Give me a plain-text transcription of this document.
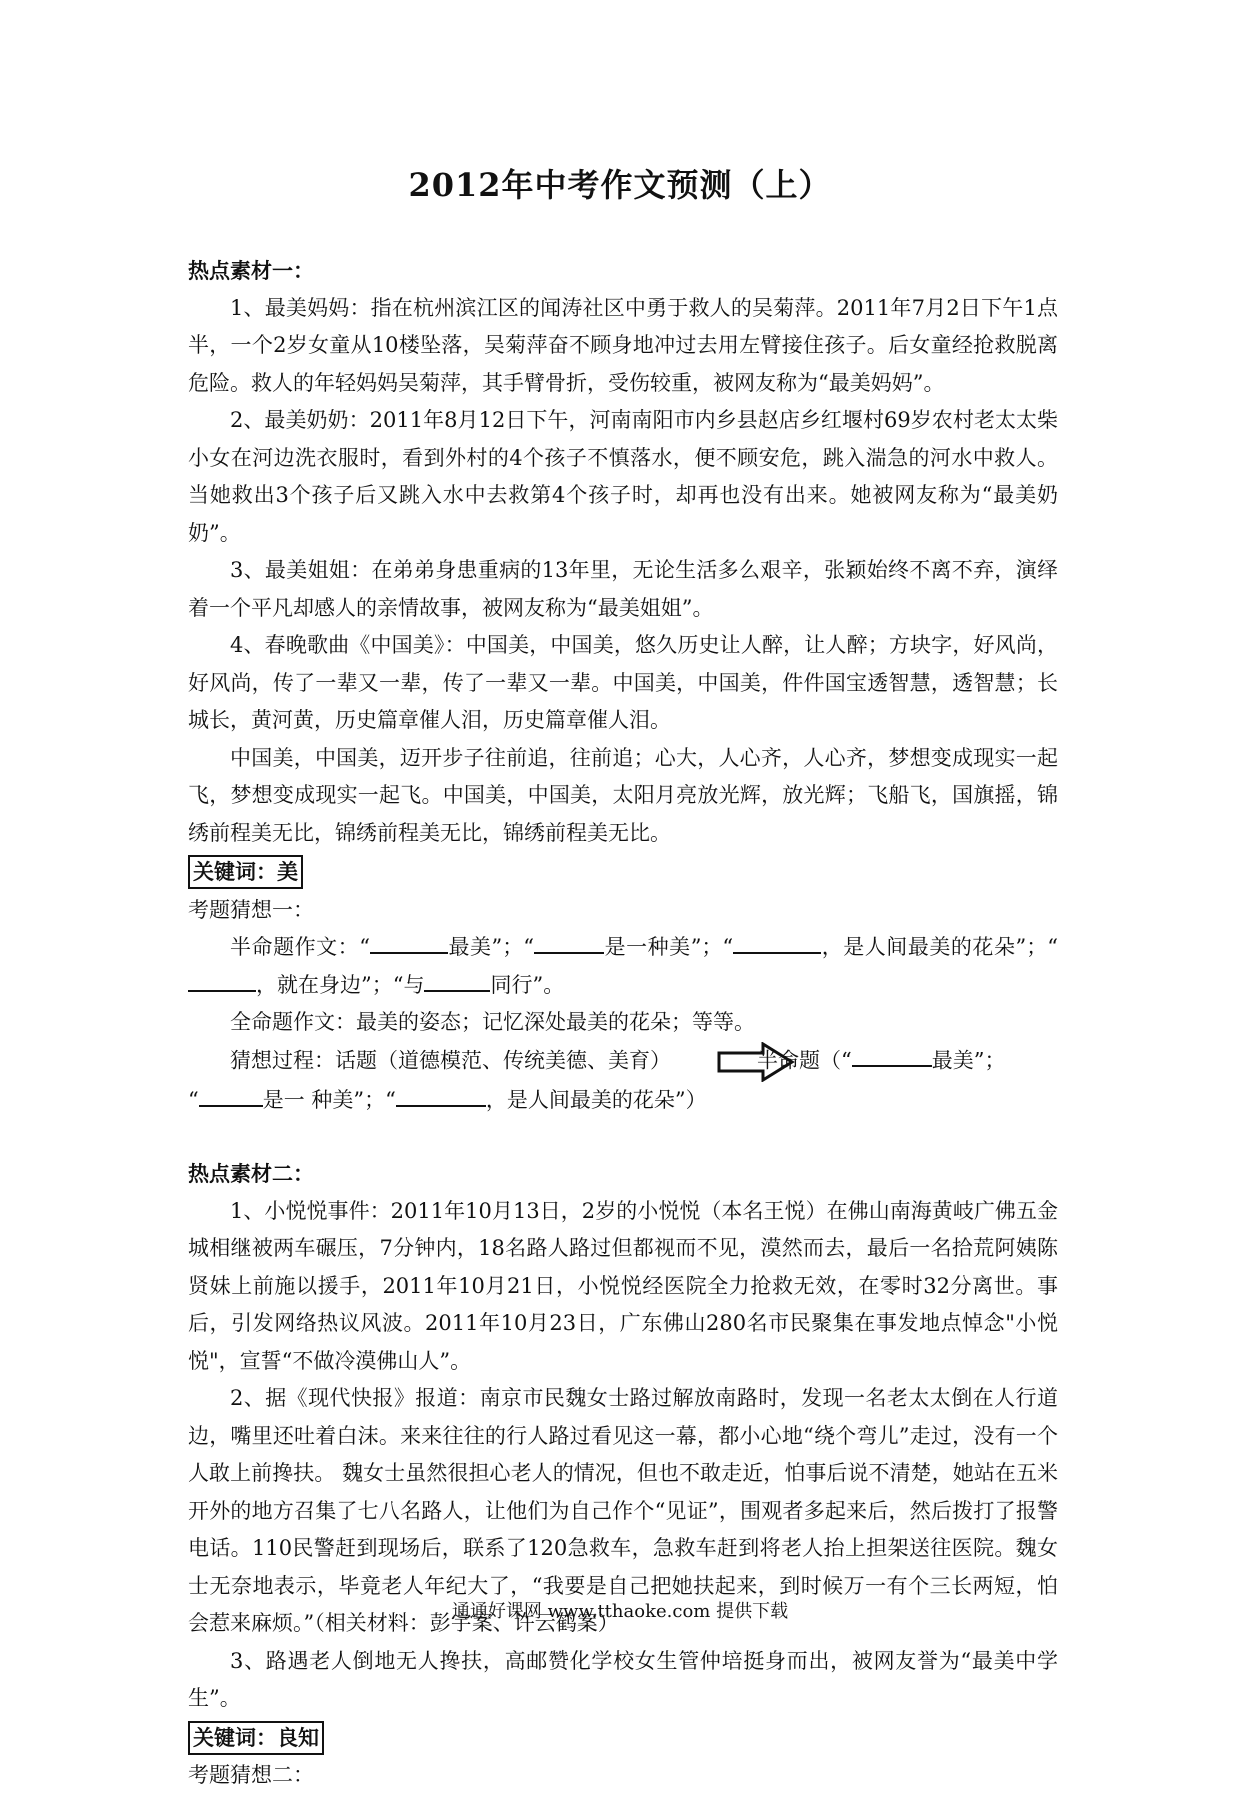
2012年中考作文预测（上）

热点素材一：

1、最美妈妈：指在杭州滨江区的闻涛社区中勇于救人的吴菊萍。2011年7月2日下午1点半，一个2岁女童从10楼坠落，吴菊萍奋不顾身地冲过去用左臂接住孩子。后女童经抢救脱离危险。救人的年轻妈妈吴菊萍，其手臂骨折，受伤较重，被网友称为“最美妈妈”。

2、最美奶奶：2011年8月12日下午，河南南阳市内乡县赵店乡红堰村69岁农村老太太柴小女在河边洗衣服时，看到外村的4个孩子不慎落水，便不顾安危，跳入湍急的河水中救人。当她救出3个孩子后又跳入水中去救第4个孩子时，却再也没有出来。她被网友称为“最美奶奶”。

3、最美姐姐：在弟弟身患重病的13年里，无论生活多么艰辛，张颖始终不离不弃，演绎着一个平凡却感人的亲情故事，被网友称为“最美姐姐”。

4、春晚歌曲《中国美》：中国美，中国美，悠久历史让人醉，让人醉；方块字，好风尚，好风尚，传了一辈又一辈，传了一辈又一辈。中国美，中国美，件件国宝透智慧，透智慧；长城长，黄河黄，历史篇章催人泪，历史篇章催人泪。

中国美，中国美，迈开步子往前追，往前追；心大，人心齐，人心齐，梦想变成现实一起飞，梦想变成现实一起飞。中国美，中国美，太阳月亮放光辉，放光辉；飞船飞，国旗摇，锦绣前程美无比，锦绣前程美无比，锦绣前程美无比。

关键词：美

考题猜想一：

半命题作文：“	最美”；“	是一种美”；“	，是人间最美的花朵”；“，就在身边”；“与	同行”。

全命题作文：最美的姿态；记忆深处最美的花朵；等等。

猜想过程：话题（道德模范、传统美德、美育）	半命题（“	最美”；
“	是一 种美”；“	，是人间最美的花朵”）

热点素材二：

1、小悦悦事件：2011年10月13日，2岁的小悦悦（本名王悦）在佛山南海黄岐广佛五金城相继被两车碾压，7分钟内，18名路人路过但都视而不见，漠然而去，最后一名拾荒阿姨陈贤妹上前施以援手，2011年10月21日，小悦悦经医院全力抢救无效，在零时32分离世。事后，引发网络热议风波。2011年10月23日，广东佛山280名市民聚集在事发地点悼念"小悦悦"，宣誓“不做冷漠佛山人”。

2、据《现代快报》报道：南京市民魏女士路过解放南路时，发现一名老太太倒在人行道边，嘴里还吐着白沫。来来往往的行人路过看见这一幕，都小心地“绕个弯儿”走过，没有一个人敢上前搀扶。 魏女士虽然很担心老人的情况，但也不敢走近，怕事后说不清楚，她站在五米开外的地方召集了七八名路人，让他们为自己作个“见证”，围观者多起来后，然后拨打了报警电话。110民警赶到现场后，联系了120急救车，急救车赶到将老人抬上担架送往医院。魏女士无奈地表示，毕竟老人年纪大了，“我要是自己把她扶起来，到时候万一有个三长两短，怕会惹来麻烦。”（相关材料：彭宇案、许云鹤案）

3、路遇老人倒地无人搀扶，高邮赞化学校女生管仲培挺身而出，被网友誉为“最美中学生”。

关键词：良知

考题猜想二：

通通好课网 www.tthaoke.com 提供下载
